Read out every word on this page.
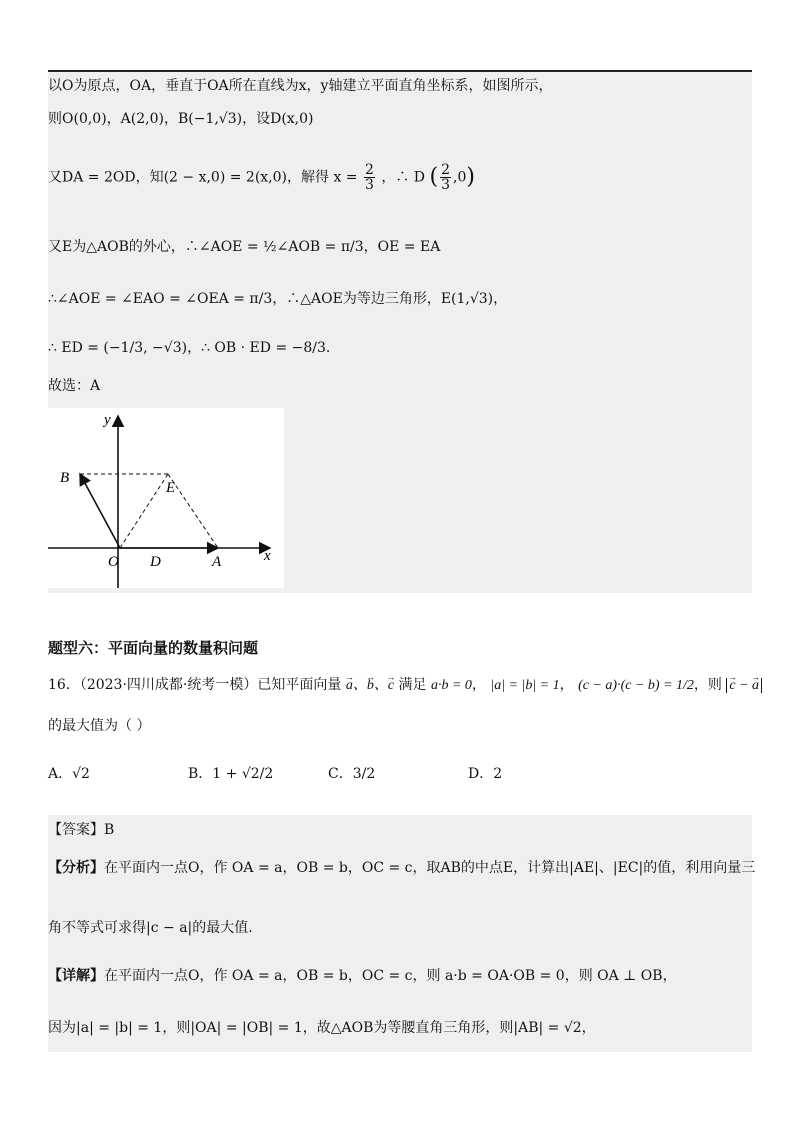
以O为原点，OA，垂直于OA所在直线为x，y轴建立平面直角坐标系，如图所示，
则O(0,0)，A(2,0)，B(−1,√3)，设D(x,0)
又DA = 2OD，知(2 − x,0) = 2(x,0)，解得 $x = \frac{2}{3}$ ，∴ D ( $\frac{2}{3} ,0$)
又E为△AOB的外心，∴∠AOE = ½∠AOB = π/3，OE = EA
∴∠AOE = ∠EAO = ∠OEA = π/3，∴△AOE为等边三角形，E(1,√3)，
∴ ED = (−1/3, −√3)，∴ OB · ED = −8/3.
故选：A
y
x
B
E
O D	A
题型六：平面向量的数量积问题
16．（2023·四川成都·统考一模）已知平面向量 → a、→ b、→ c 满足 a·b = 0， |a| = |b| = 1， (c − a)·(c − b) = 1/2，则 → c − → a
的最大值为（ ）
A．√2	B．1 + √2/2	C．3/2	D．2
【答案】B
【分析】在平面内一点O，作 OA = a，OB = b，OC = c，取AB的中点E，计算出|AE|、|EC|的值，利用向量三
角不等式可求得|c − a|的最大值.
【详解】在平面内一点O，作 OA = a，OB = b，OC = c，则 a·b = OA·OB = 0，则 OA ⊥ OB，
因为|a| = |b| = 1，则|OA| = |OB| = 1，故△AOB为等腰直角三角形，则|AB| = √2，
